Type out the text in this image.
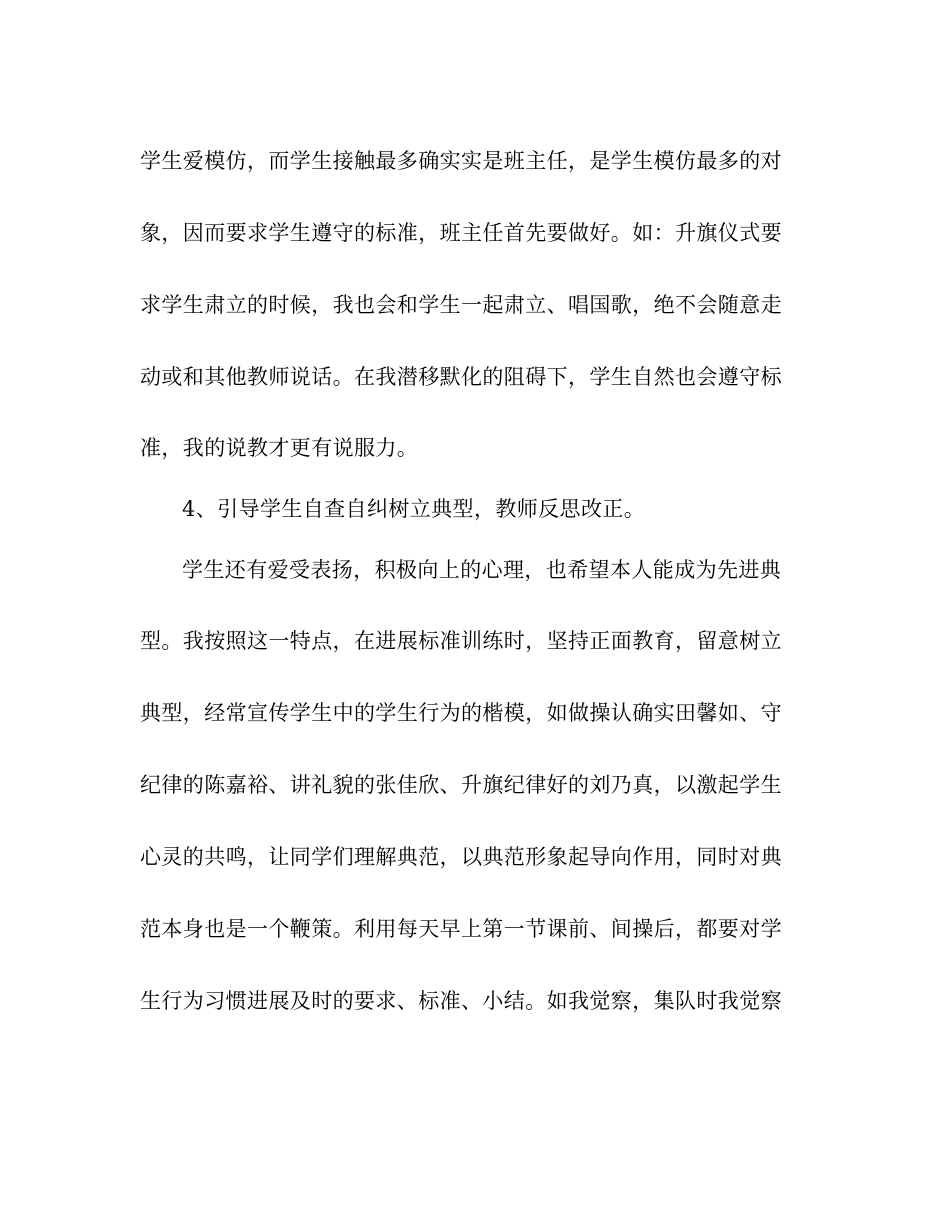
学生爱模仿，而学生接触最多确实实是班主任，是学生模仿最多的对
象，因而要求学生遵守的标准，班主任首先要做好。如：升旗仪式要
求学生肃立的时候，我也会和学生一起肃立、唱国歌，绝不会随意走
动或和其他教师说话。在我潜移默化的阻碍下，学生自然也会遵守标
准，我的说教才更有说服力。
4、引导学生自查自纠树立典型，教师反思改正。
学生还有爱受表扬，积极向上的心理，也希望本人能成为先进典
型。我按照这一特点，在进展标准训练时，坚持正面教育，留意树立
典型，经常宣传学生中的学生行为的楷模，如做操认确实田馨如、守
纪律的陈嘉裕、讲礼貌的张佳欣、升旗纪律好的刘乃真，以激起学生
心灵的共鸣，让同学们理解典范，以典范形象起导向作用，同时对典
范本身也是一个鞭策。利用每天早上第一节课前、间操后，都要对学
生行为习惯进展及时的要求、标准、小结。如我觉察，集队时我觉察
